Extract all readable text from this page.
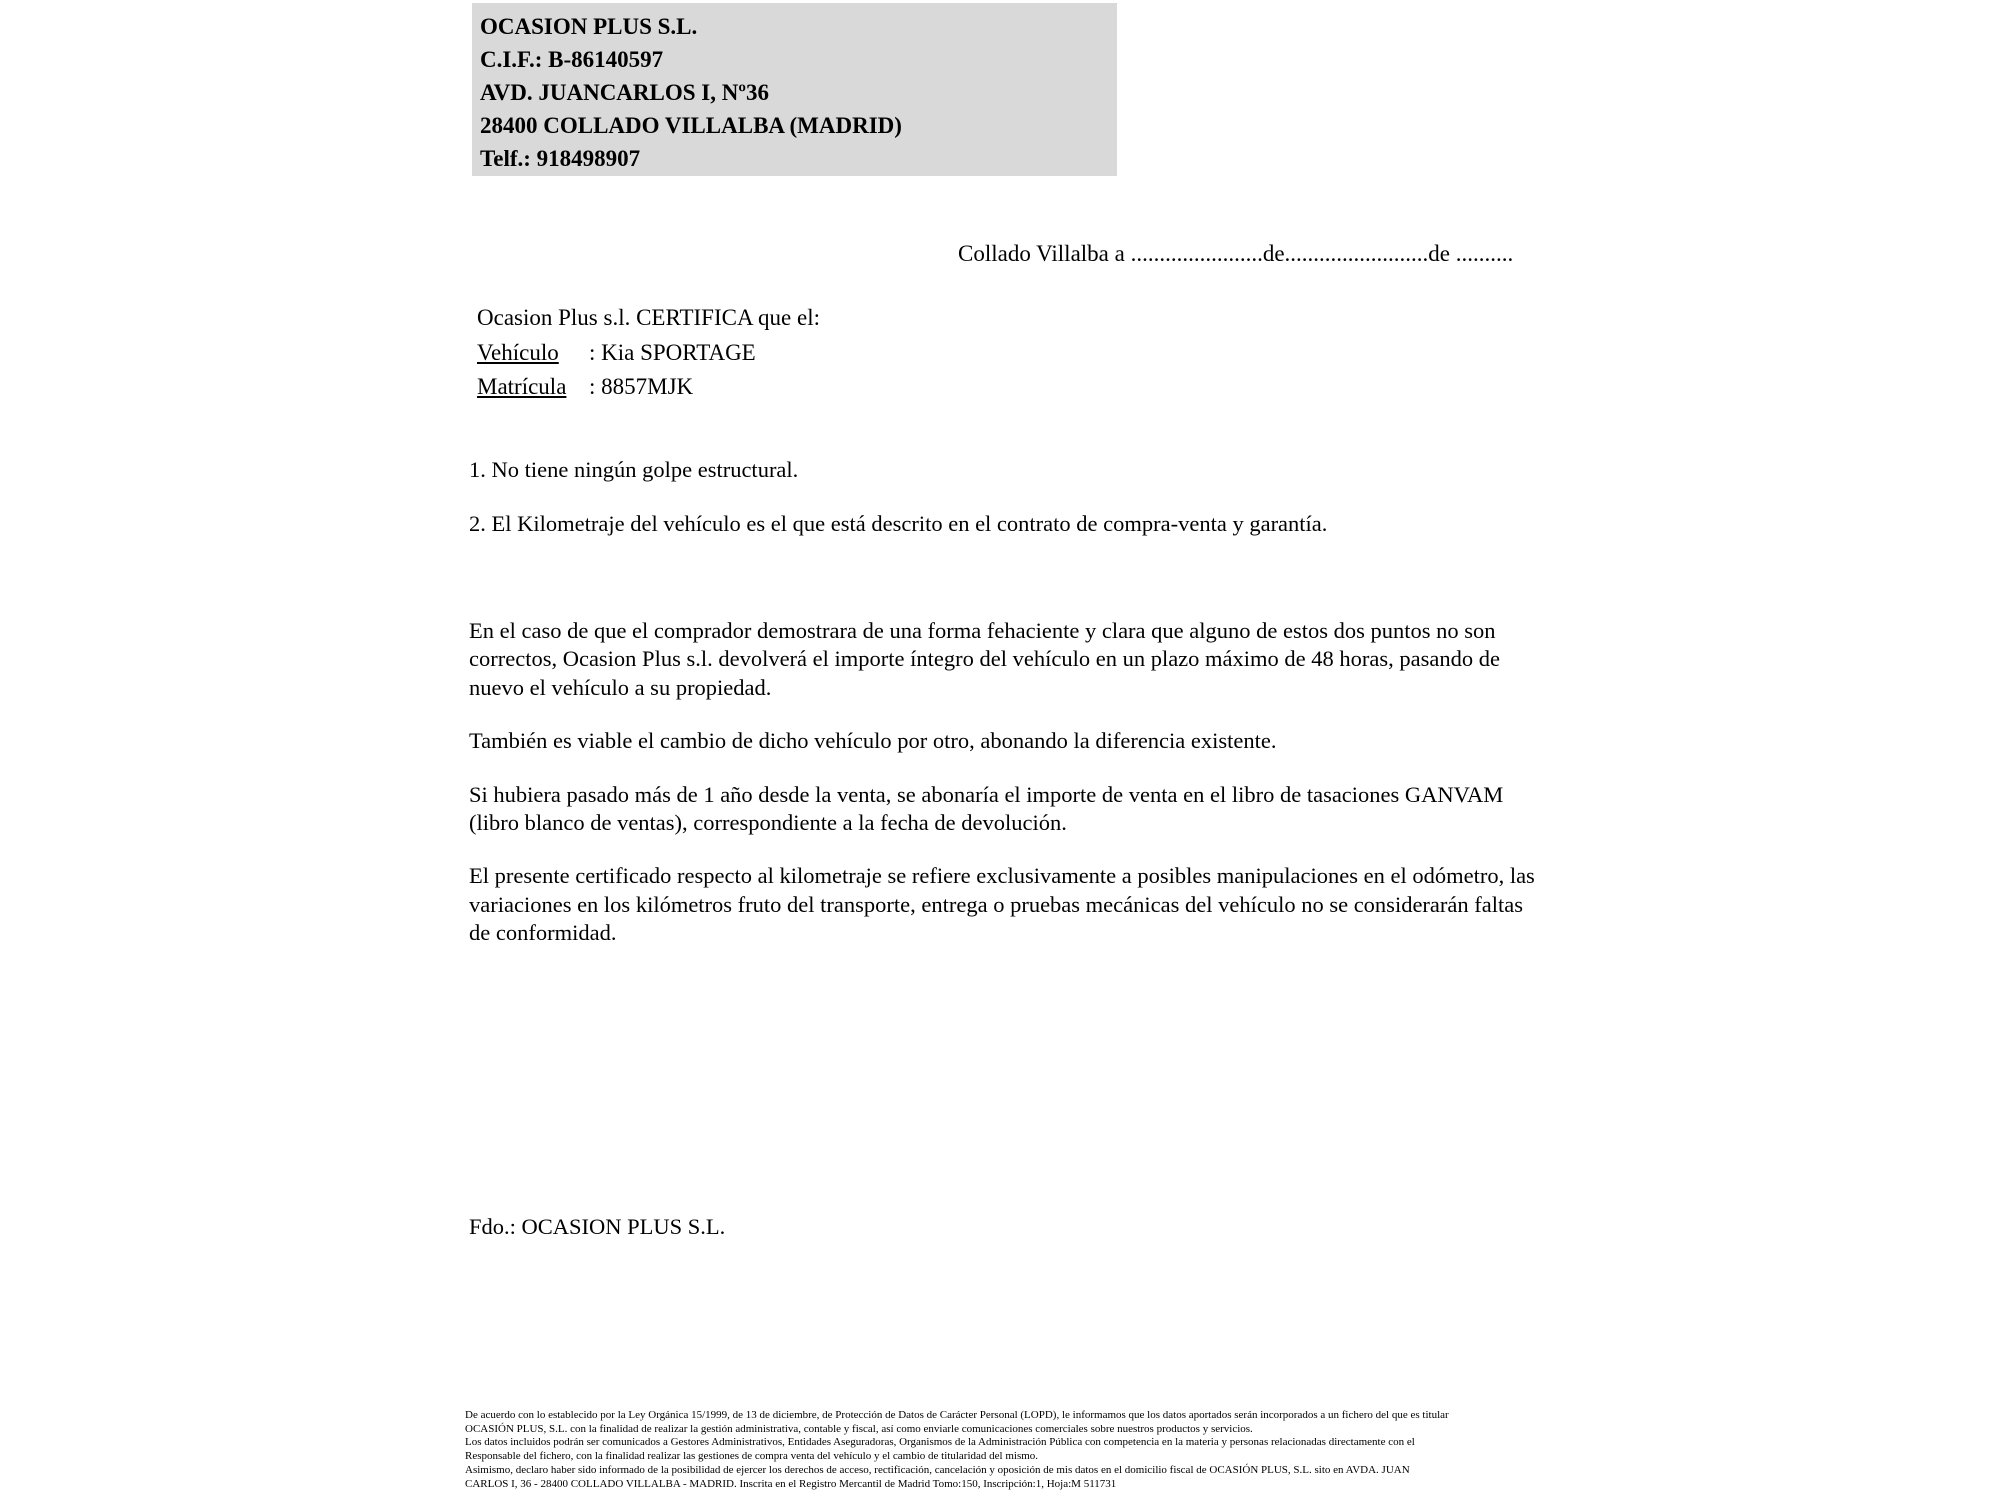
OCASION PLUS S.L.
C.I.F.: B-86140597
AVD. JUANCARLOS I, Nº36
28400 COLLADO VILLALBA (MADRID)
Telf.: 918498907
Collado Villalba a .......................de.........................de ..........
Ocasion Plus s.l. CERTIFICA que el:
Vehículo : Kia SPORTAGE
Matrícula : 8857MJK
1. No tiene ningún golpe estructural.
2. El Kilometraje del vehículo es el que está descrito en el contrato de compra-venta y garantía.

En el caso de que el comprador demostrara de una forma fehaciente y clara que alguno de estos dos puntos no son correctos, Ocasion Plus s.l. devolverá el importe íntegro del vehículo en un plazo máximo de 48 horas, pasando de nuevo el vehículo a su propiedad.

También es viable el cambio de dicho vehículo por otro, abonando la diferencia existente.

Si hubiera pasado más de 1 año desde la venta, se abonaría el importe de venta en el libro de tasaciones GANVAM (libro blanco de ventas), correspondiente a la fecha de devolución.

El presente certificado respecto al kilometraje se refiere exclusivamente a posibles manipulaciones en el odómetro, las variaciones en los kilómetros fruto del transporte, entrega o pruebas mecánicas del vehículo no se considerarán faltas de conformidad.

Fdo.: OCASION PLUS S.L.
De acuerdo con lo establecido por la Ley Orgánica 15/1999, de 13 de diciembre, de Protección de Datos de Carácter Personal (LOPD), le informamos que los datos aportados serán incorporados a un fichero del que es titular
OCASIÓN PLUS, S.L. con la finalidad de realizar la gestión administrativa, contable y fiscal, así como enviarle comunicaciones comerciales sobre nuestros productos y servicios.
Los datos incluidos podrán ser comunicados a Gestores Administrativos, Entidades Aseguradoras, Organismos de la Administración Pública con competencia en la materia y personas relacionadas directamente con el
Responsable del fichero, con la finalidad realizar las gestiones de compra venta del vehículo y el cambio de titularidad del mismo.
Asimismo, declaro haber sido informado de la posibilidad de ejercer los derechos de acceso, rectificación, cancelación y oposición de mis datos en el domicilio fiscal de OCASIÓN PLUS, S.L. sito en AVDA. JUAN
CARLOS I, 36 - 28400 COLLADO VILLALBA - MADRID. Inscrita en el Registro Mercantil de Madrid Tomo:150, Inscripción:1, Hoja:M 511731
